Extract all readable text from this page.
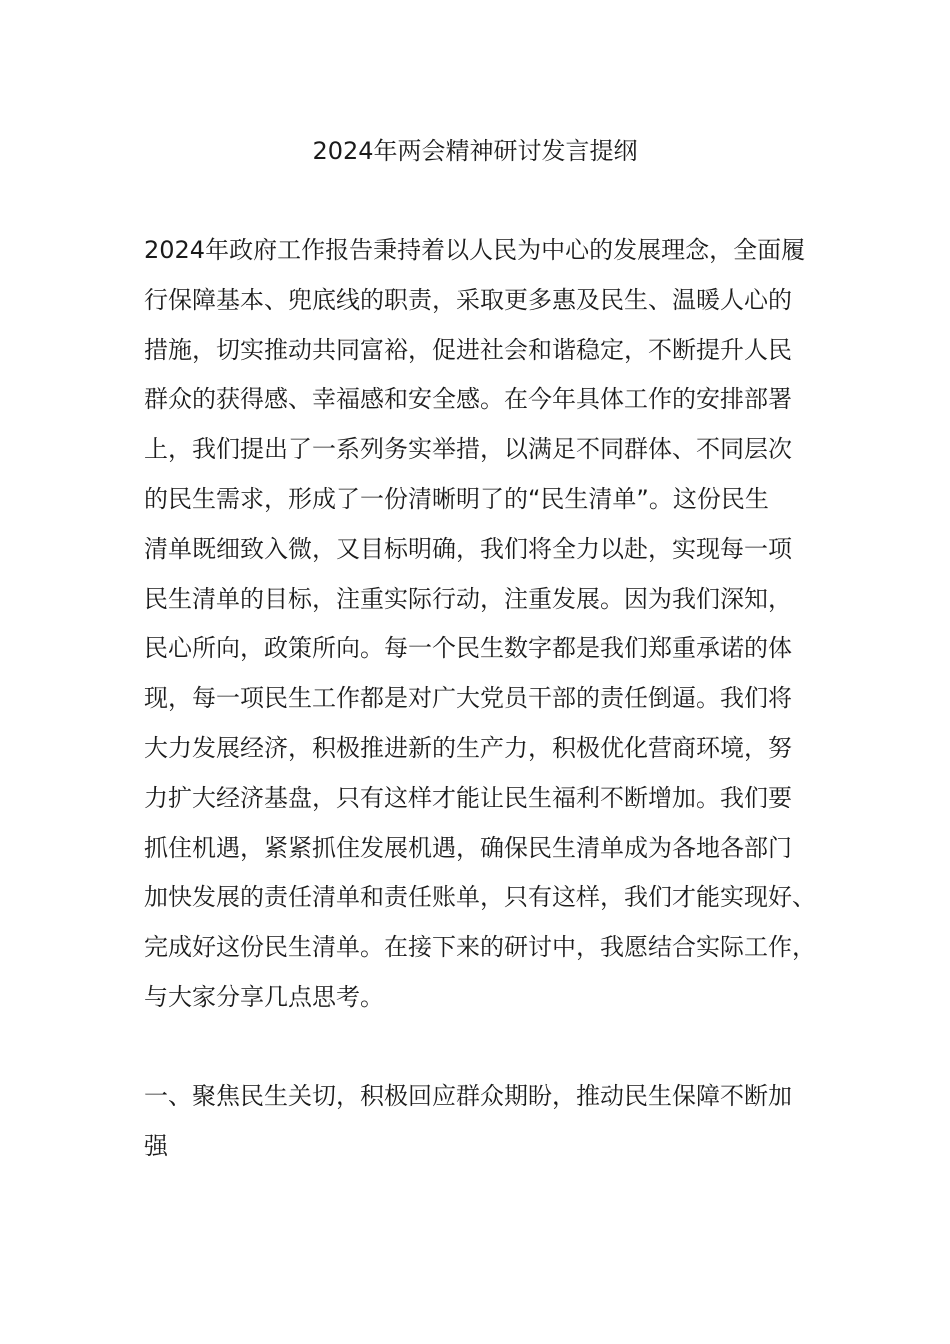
2024年两会精神研讨发言提纲
2024年政府工作报告秉持着以人民为中心的发展理念，全面履
行保障基本、兜底线的职责，采取更多惠及民生、温暖人心的
措施，切实推动共同富裕，促进社会和谐稳定，不断提升人民
群众的获得感、幸福感和安全感。在今年具体工作的安排部署
上，我们提出了一系列务实举措，以满足不同群体、不同层次
的民生需求，形成了一份清晰明了的“民生清单”。这份民生
清单既细致入微，又目标明确，我们将全力以赴，实现每一项
民生清单的目标，注重实际行动，注重发展。因为我们深知，
民心所向，政策所向。每一个民生数字都是我们郑重承诺的体
现，每一项民生工作都是对广大党员干部的责任倒逼。我们将
大力发展经济，积极推进新的生产力，积极优化营商环境，努
力扩大经济基盘，只有这样才能让民生福利不断增加。我们要
抓住机遇，紧紧抓住发展机遇，确保民生清单成为各地各部门
加快发展的责任清单和责任账单，只有这样，我们才能实现好、
完成好这份民生清单。在接下来的研讨中，我愿结合实际工作，
与大家分享几点思考。
一、聚焦民生关切，积极回应群众期盼，推动民生保障不断加
强
